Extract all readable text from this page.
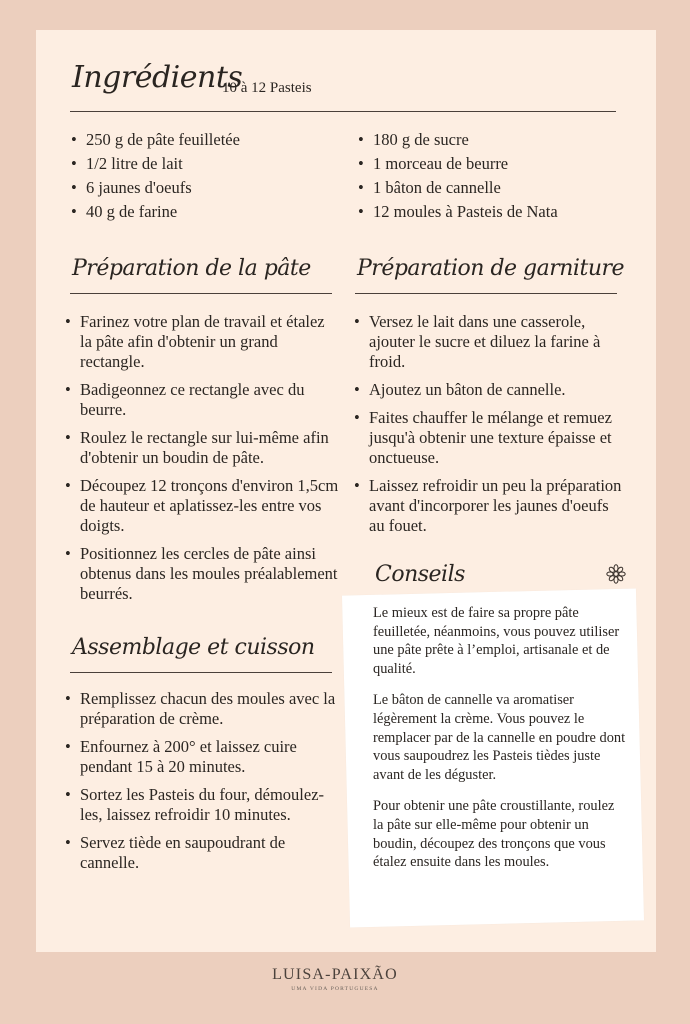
Ingrédients
10 à 12 Pasteis
• 250 g de pâte feuilletée
• 1/2 litre de lait
• 6 jaunes d'oeufs
• 40 g de farine
• 180 g de sucre
• 1 morceau de beurre
• 1 bâton de cannelle
• 12 moules à Pasteis de Nata
Préparation de la pâte
• Farinez votre plan de travail et étalez la pâte afin d'obtenir un grand rectangle.
• Badigeonnez ce rectangle avec du beurre.
• Roulez le rectangle sur lui-même afin d'obtenir un boudin de pâte.
• Découpez 12 tronçons d'environ 1,5cm de hauteur et aplatissez-les entre vos doigts.
• Positionnez les cercles de pâte ainsi obtenus dans les moules préalablement beurrés.
Préparation de garniture
• Versez le lait dans une casserole, ajouter le sucre et diluez la farine à froid.
• Ajoutez un bâton de cannelle.
• Faites chauffer le mélange et remuez jusqu'à obtenir une texture épaisse et onctueuse.
• Laissez refroidir un peu la préparation avant d'incorporer les jaunes d'oeufs au fouet.
Assemblage et cuisson
• Remplissez chacun des moules avec la préparation de crème.
• Enfournez à 200° et laissez cuire pendant 15 à 20 minutes.
• Sortez les Pasteis du four, démoulez-les, laissez refroidir 10 minutes.
• Servez tiède en saupoudrant de cannelle.
Conseils

Le mieux est de faire sa propre pâte feuilletée, néanmoins, vous pouvez utiliser une pâte prête à l’emploi, artisanale et de qualité.

Le bâton de cannelle va aromatiser légèrement la crème. Vous pouvez le remplacer par de la cannelle en poudre dont vous saupoudrez les Pasteis tièdes juste avant de les déguster.

Pour obtenir une pâte croustillante, roulez la pâte sur elle-même pour obtenir un boudin, découpez des tronçons que vous étalez ensuite dans les moules.

LUISA-PAIXÃO
UMA VIDA PORTUGUESA
